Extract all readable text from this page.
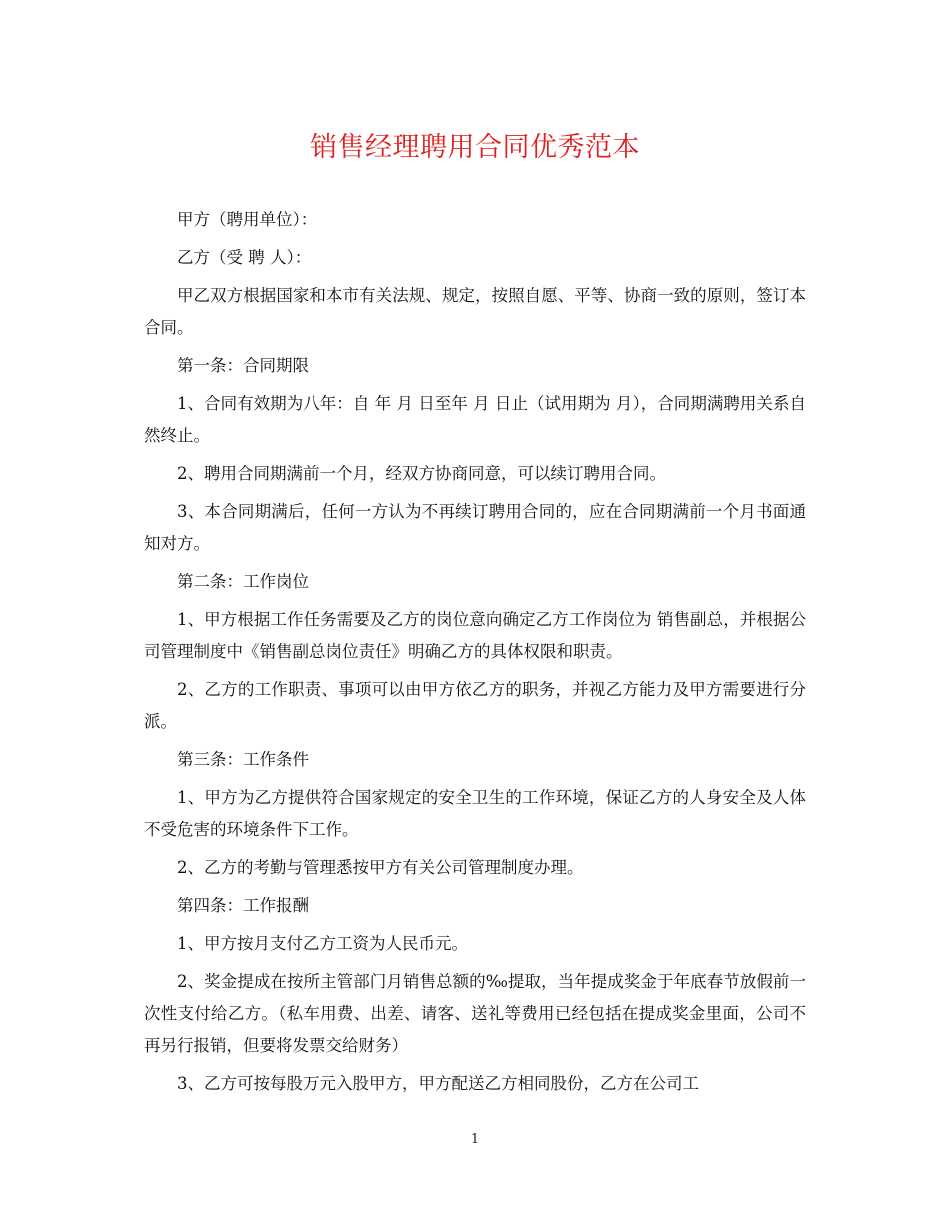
销售经理聘用合同优秀范本

甲方（聘用单位）：

乙方（受 聘 人）：

甲乙双方根据国家和本市有关法规、规定，按照自愿、平等、协商一致的原则，签订本合同。

第一条：合同期限

1、合同有效期为八年：自 年 月 日至年 月 日止（试用期为 月），合同期满聘用关系自然终止。

2、聘用合同期满前一个月，经双方协商同意，可以续订聘用合同。

3、本合同期满后，任何一方认为不再续订聘用合同的，应在合同期满前一个月书面通知对方。

第二条：工作岗位

1、甲方根据工作任务需要及乙方的岗位意向确定乙方工作岗位为 销售副总，并根据公司管理制度中《销售副总岗位责任》明确乙方的具体权限和职责。

2、乙方的工作职责、事项可以由甲方依乙方的职务，并视乙方能力及甲方需要进行分派。

第三条：工作条件

1、甲方为乙方提供符合国家规定的安全卫生的工作环境，保证乙方的人身安全及人体不受危害的环境条件下工作。

2、乙方的考勤与管理悉按甲方有关公司管理制度办理。

第四条：工作报酬

1、甲方按月支付乙方工资为人民币元。

2、奖金提成在按所主管部门月销售总额的‰提取，当年提成奖金于年底春节放假前一次性支付给乙方。（私车用费、出差、请客、送礼等费用已经包括在提成奖金里面，公司不再另行报销，但要将发票交给财务）

3、乙方可按每股万元入股甲方，甲方配送乙方相同股份，乙方在公司工

1
